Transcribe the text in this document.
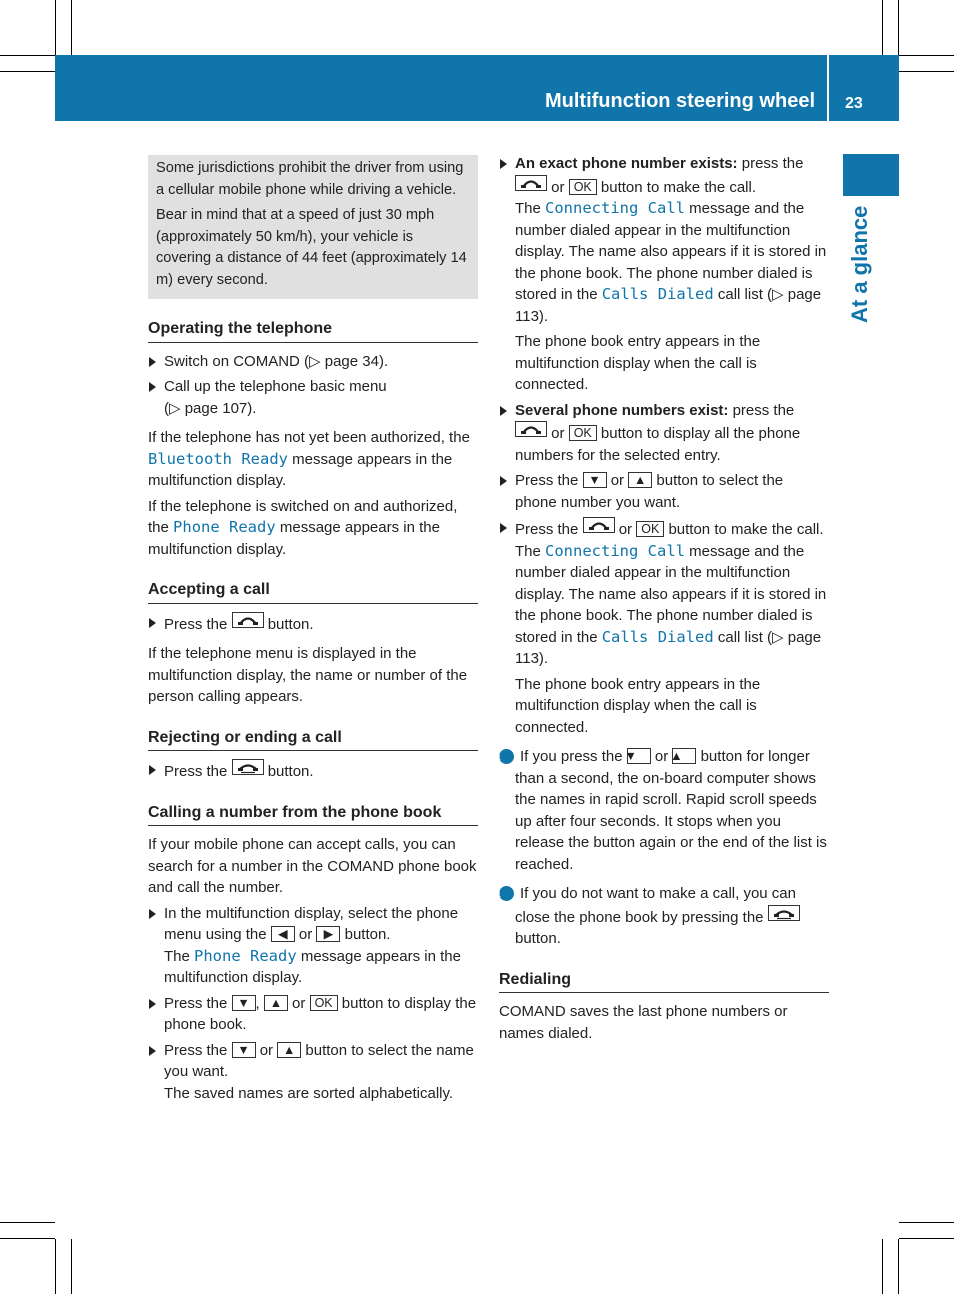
Multifunction steering wheel 23
At a glance

Some jurisdictions prohibit the driver from using a cellular mobile phone while driving a vehicle.

Bear in mind that at a speed of just 30 mph (approximately 50 km/h), your vehicle is covering a distance of 44 feet (approximately 14 m) every second.

Operating the telephone

Switch on COMAND (▷ page 34).

Call up the telephone basic menu
(▷ page 107).

If the telephone has not yet been authorized, the Bluetooth Ready message appears in the multifunction display.

If the telephone is switched on and authorized, the Phone Ready message appears in the multifunction display.

Accepting a call

Press the
button.

If the telephone menu is displayed in the multifunction display, the name or number of the person calling appears.

Rejecting or ending a call

Press the
button.

Calling a number from the phone book

If your mobile phone can accept calls, you can search for a number in the COMAND phone book and call the number.

In the multifunction display, select the phone menu using the ◀ or ▶ button.
The Phone Ready message appears in the multifunction display.

Press the ▼ , ▲ or OK button to display the phone book.

Press the ▼ or ▲ button to select the name you want.
The saved names are sorted alphabetically.

An exact phone number exists: press the
or OK button to make the call.
The Connecting Call message and the number dialed appear in the multifunction display. The name also appears if it is stored in the phone book. The phone number dialed is stored in the Calls Dialed call list (▷ page 113).

The phone book entry appears in the multifunction display when the call is connected.

Several phone numbers exist: press the
or OK button to display all the phone numbers for the selected entry.

Press the ▼ or ▲ button to select the phone number you want.

Press the
or OK button to make the call.
The Connecting Call message and the number dialed appear in the multifunction display. The name also appears if it is stored in the phone book. The phone number dialed is stored in the Calls Dialed call list (▷ page 113).

The phone book entry appears in the multifunction display when the call is connected.

i If you press the ▼ or ▲ button for longer than a second, the on-board computer shows the names in rapid scroll. Rapid scroll speeds up after four seconds. It stops when you release the button again or the end of the list is reached.

i If you do not want to make a call, you can close the phone book by pressing the
button.

Redialing

COMAND saves the last phone numbers or names dialed.
